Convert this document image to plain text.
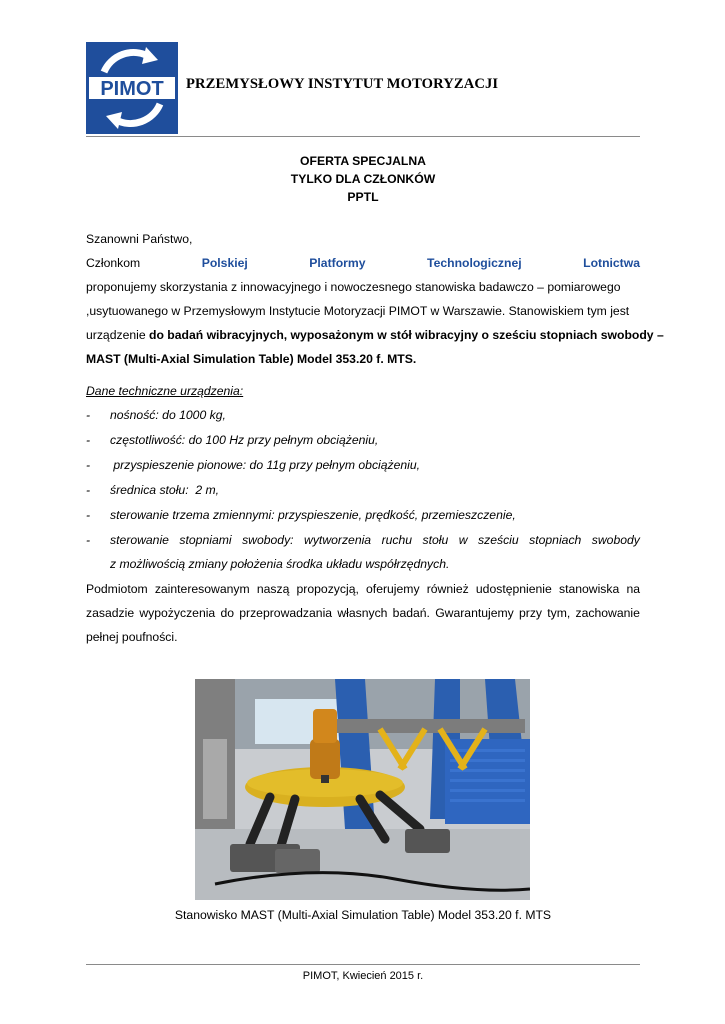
PIMOT PRZEMYSŁOWY INSTYTUT MOTORYZACJI
OFERTA SPECJALNA
TYLKO DLA CZŁONKÓW
PPTL
Szanowni Państwo,
Członkom	Polskiej	Platformy	Technologicznej	Lotnictwa
proponujemy skorzystania z innowacyjnego i nowoczesnego stanowiska badawczo – pomiarowego
,usytuowanego w Przemysłowym Instytucie Motoryzacji PIMOT w Warszawie. Stanowiskiem tym jest
urządzenie do badań wibracyjnych, wyposażonym w stół wibracyjny o sześciu stopniach swobody –
MAST (Multi-Axial Simulation Table) Model 353.20 f. MTS.
Dane techniczne urządzenia:
- nośność: do 1000 kg,
- częstotliwość: do 100 Hz przy pełnym obciążeniu,
- przyspieszenie pionowe: do 11g przy pełnym obciążeniu,
- średnica stołu:  2 m,
- sterowanie trzema zmiennymi: przyspieszenie, prędkość, przemieszczenie,
- sterowanie stopniami swobody: wytworzenia ruchu stołu w sześciu stopniach swobody
z możliwością zmiany położenia środka układu współrzędnych.
Podmiotom zainteresowanym naszą propozycją, oferujemy również udostępnienie stanowiska na
zasadzie wypożyczenia do przeprowadzania własnych badań. Gwarantujemy przy tym, zachowanie
pełnej poufności.
Stanowisko MAST (Multi-Axial Simulation Table) Model 353.20 f. MTS
PIMOT, Kwiecień 2015 r.
